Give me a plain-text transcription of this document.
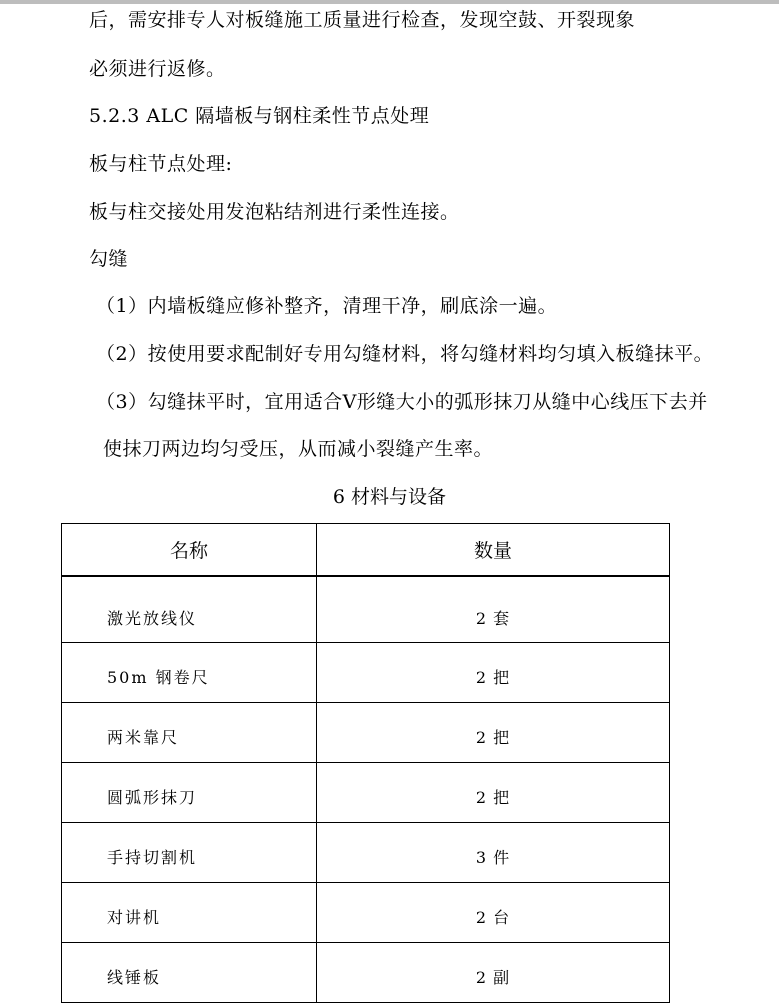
后，需安排专人对板缝施工质量进行检查，发现空鼓、开裂现象
必须进行返修。
5.2.3 ALC 隔墙板与钢柱柔性节点处理
板与柱节点处理:
板与柱交接处用发泡粘结剂进行柔性连接。
勾缝
（1）内墙板缝应修补整齐，清理干净，刷底涂一遍。
（2）按使用要求配制好专用勾缝材料，将勾缝材料均匀填入板缝抹平。
（3）勾缝抹平时，宜用适合Ⅴ形缝大小的弧形抹刀从缝中心线压下去并
使抹刀两边均匀受压，从而减小裂缝产生率。
6 材料与设备
名称	数量
激光放线仪	2 套
50m 钢卷尺	2 把
两米靠尺	2 把
圆弧形抹刀	2 把
手持切割机	3 件
对讲机	2 台
线锤板	2 副
